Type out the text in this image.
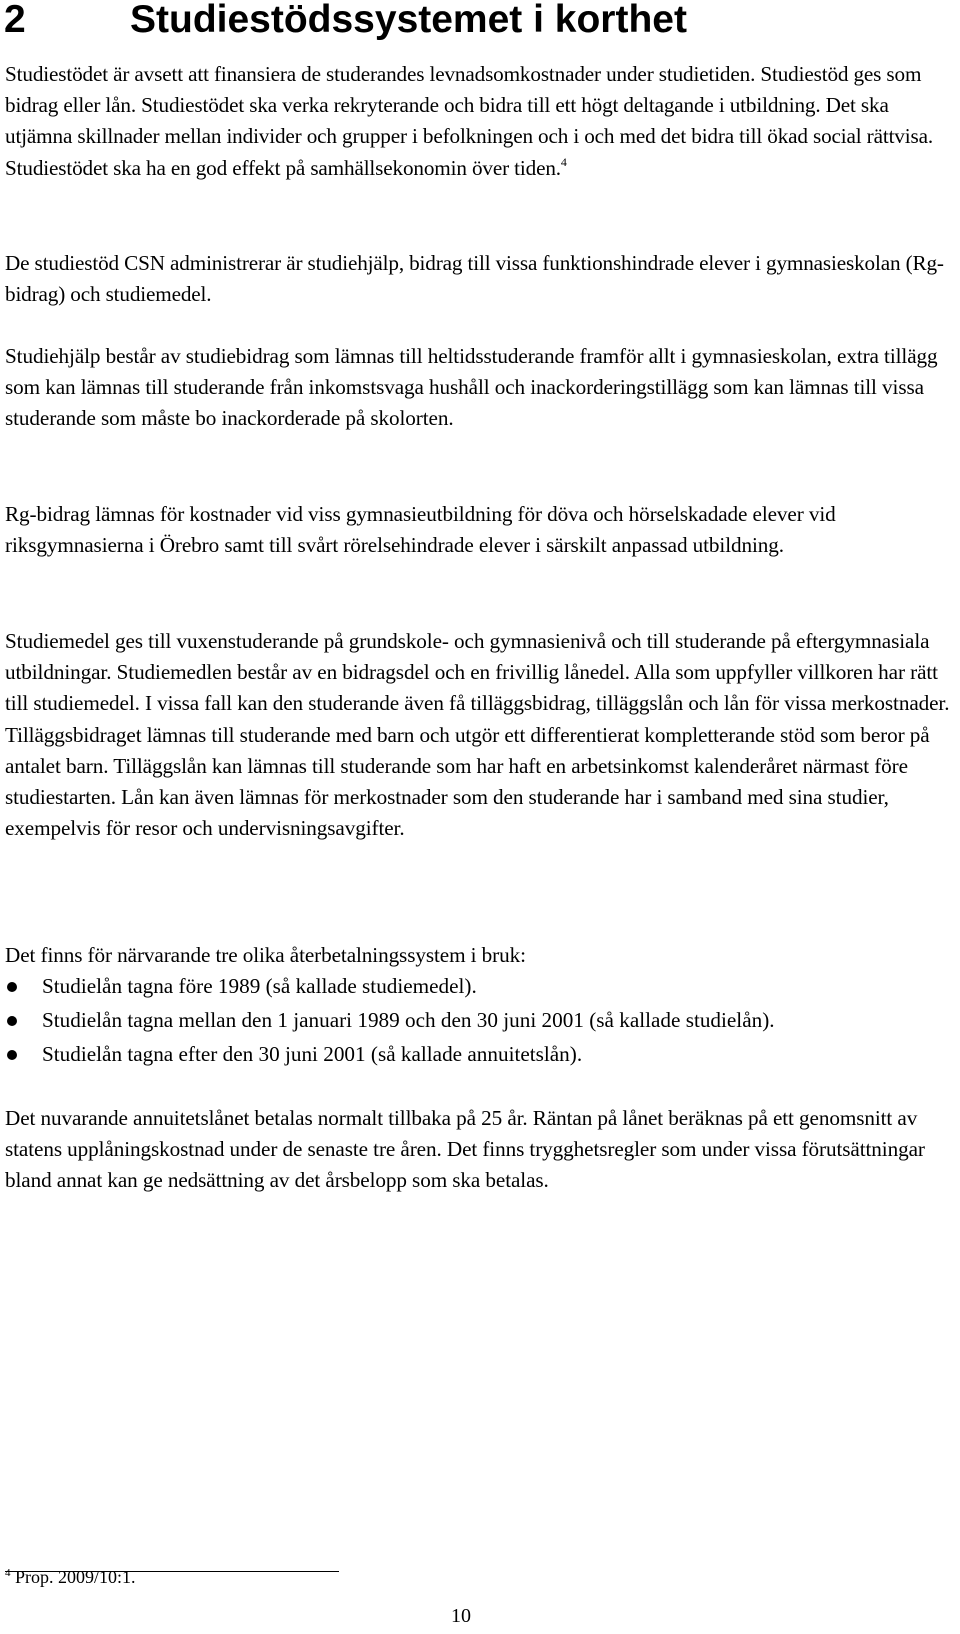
2	Studiestödssystemet i korthet

Studiestödet är avsett att finansiera de studerandes levnadsomkostnader under studietiden. Studiestöd ges som bidrag eller lån. Studiestödet ska verka rekryterande och bidra till ett högt deltagande i utbildning. Det ska utjämna skillnader mellan individer och grupper i befolkningen och i och med det bidra till ökad social rättvisa. Studiestödet ska ha en god effekt på samhällsekonomin över tiden.$^4$

De studiestöd CSN administrerar är studiehjälp, bidrag till vissa funktionshindrade elever i gymnasieskolan (Rg-bidrag) och studiemedel.

Studiehjälp består av studiebidrag som lämnas till heltidsstuderande framför allt i gymnasieskolan, extra tillägg som kan lämnas till studerande från inkomstsvaga hushåll och inackorderingstillägg som kan lämnas till vissa studerande som måste bo inackorderade på skolorten.

Rg-bidrag lämnas för kostnader vid viss gymnasieutbildning för döva och hörselskadade elever vid riksgymnasierna i Örebro samt till svårt rörelsehindrade elever i särskilt anpassad utbildning.

Studiemedel ges till vuxenstuderande på grundskole- och gymnasienivå och till studerande på eftergymnasiala utbildningar. Studiemedlen består av en bidragsdel och en frivillig lånedel. Alla som uppfyller villkoren har rätt till studiemedel. I vissa fall kan den studerande även få tilläggsbidrag, tilläggslån och lån för vissa merkostnader. Tilläggsbidraget lämnas till studerande med barn och utgör ett differentierat kompletterande stöd som beror på antalet barn. Tilläggslån kan lämnas till studerande som har haft en arbetsinkomst kalenderåret närmast före studiestarten. Lån kan även lämnas för merkostnader som den studerande har i samband med sina studier, exempelvis för resor och undervisningsavgifter.

Det finns för närvarande tre olika återbetalningssystem i bruk:

Studielån tagna före 1989 (så kallade studiemedel).
Studielån tagna mellan den 1 januari 1989 och den 30 juni 2001 (så kallade studielån).
Studielån tagna efter den 30 juni 2001 (så kallade annuitetslån).

Det nuvarande annuitetslånet betalas normalt tillbaka på 25 år. Räntan på lånet beräknas på ett genomsnitt av statens upplåningskostnad under de senaste tre åren. Det finns trygghetsregler som under vissa förutsättningar bland annat kan ge nedsättning av det årsbelopp som ska betalas.

$^4$ Prop. 2009/10:1.

10
